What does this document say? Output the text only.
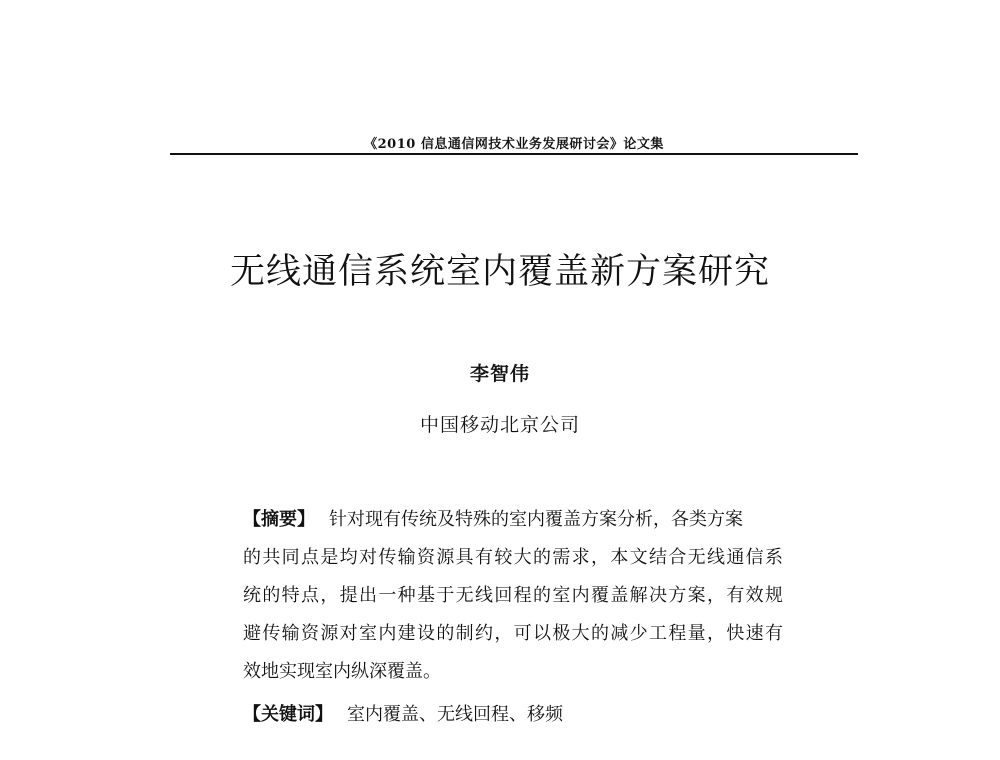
《2010 信息通信网技术业务发展研讨会》论文集
无线通信系统室内覆盖新方案研究
李智伟
中国移动北京公司
【摘要】 针对现有传统及特殊的室内覆盖方案分析，各类方案
的共同点是均对传输资源具有较大的需求，本文结合无线通信系
统的特点，提出一种基于无线回程的室内覆盖解决方案，有效规
避传输资源对室内建设的制约，可以极大的减少工程量，快速有
效地实现室内纵深覆盖。
【关键词】 室内覆盖、无线回程、移频
